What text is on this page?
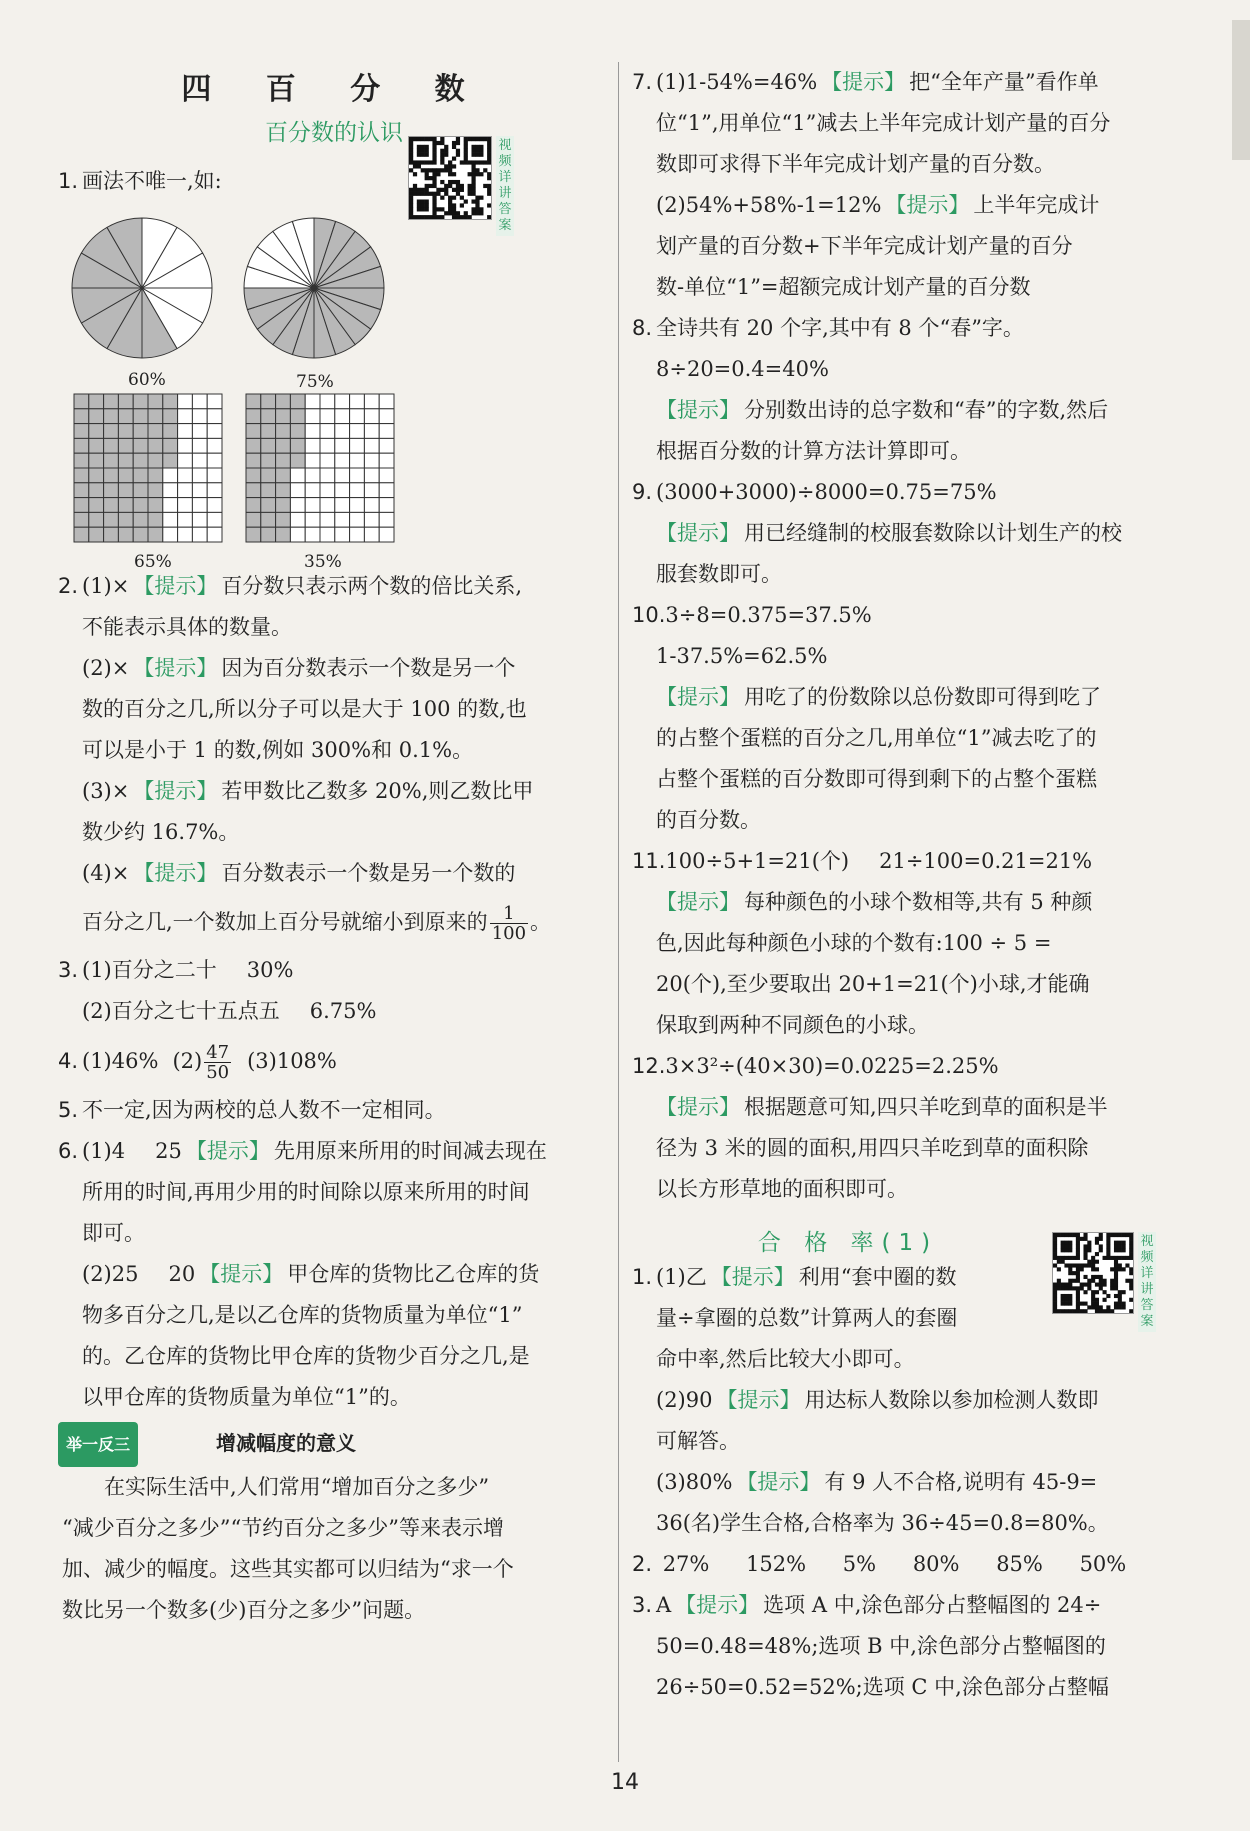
四 百 分 数
百分数的认识

1. 画法不唯一,如:

60%	75%
65%	35%
视频详讲答案

2. (1)× 【提示】 百分数只表示两个数的倍比关系,

不能表示具体的数量。

(2)× 【提示】 因为百分数表示一个数是另一个

数的百分之几,所以分子可以是大于 100 的数,也

可以是小于 1 的数,例如 300%和 0.1%。

(3)× 【提示】 若甲数比乙数多 20%,则乙数比甲

数少约 16.7%。

(4)× 【提示】 百分数表示一个数是另一个数的

百分之几,一个数加上百分号就缩小到原来的 $\frac{1}{100}$ 。

3. (1)百分之二十 30%

(2)百分之七十五点五 6.75%

4. (1)46% $(2) \frac{47}{50} (3)108\%$

5. 不一定,因为两校的总人数不一定相同。

6. (1)4 25 【提示】 先用原来所用的时间减去现在

所用的时间,再用少用的时间除以原来所用的时间

即可。

(2)25 20 【提示】 甲仓库的货物比乙仓库的货

物多百分之几,是以乙仓库的货物质量为单位“1”

的。乙仓库的货物比甲仓库的货物少百分之几,是

以甲仓库的货物质量为单位“1”的。

举一反三	增减幅度的意义

在实际生活中,人们常用“增加百分之多少”

“减少百分之多少”“节约百分之多少”等来表示增

加、减少的幅度。这些其实都可以归结为“求一个

数比另一个数多(少)百分之多少”问题。

7. (1)1-54%=46% 【提示】 把“全年产量”看作单

位“1”,用单位“1”减去上半年完成计划产量的百分

数即可求得下半年完成计划产量的百分数。

(2)54%+58%-1=12% 【提示】 上半年完成计

划产量的百分数+下半年完成计划产量的百分

数-单位“1”=超额完成计划产量的百分数

8. 全诗共有 20 个字,其中有 8 个“春”字。

8÷20=0.4=40%

【提示】 分别数出诗的总字数和“春”的字数,然后

根据百分数的计算方法计算即可。

9. (3000+3000)÷8000=0.75=75%

【提示】 用已经缝制的校服套数除以计划生产的校

服套数即可。

10.3÷8=0.375=37.5%

1-37.5%=62.5%

【提示】 用吃了的份数除以总份数即可得到吃了

的占整个蛋糕的百分之几,用单位“1”减去吃了的

占整个蛋糕的百分数即可得到剩下的占整个蛋糕

的百分数。

11.100÷5+1=21(个) 21÷100=0.21=21%

【提示】 每种颜色的小球个数相等,共有 5 种颜

色,因此每种颜色小球的个数有:100 ÷ 5 =

20(个),至少要取出 20+1=21(个)小球,才能确

保取到两种不同颜色的小球。

12.3×3²÷(40×30)=0.0225=2.25%

【提示】 根据题意可知,四只羊吃到草的面积是半

径为 3 米的圆的面积,用四只羊吃到草的面积除

以长方形草地的面积即可。

合 格 率(1)	视频详讲答案

1. (1)乙 【提示】 利用“套中圈的数

量÷拿圈的总数”计算两人的套圈

命中率,然后比较大小即可。

(2)90 【提示】 用达标人数除以参加检测人数即

可解答。

(3)80% 【提示】 有 9 人不合格,说明有 45-9=

36(名)学生合格,合格率为 36÷45=0.8=80%。

2. 27% 152% 5% 80% 85% 50%

3. A 【提示】 选项 A 中,涂色部分占整幅图的 24÷

50=0.48=48%;选项 B 中,涂色部分占整幅图的

26÷50=0.52=52%;选项 C 中,涂色部分占整幅

14
